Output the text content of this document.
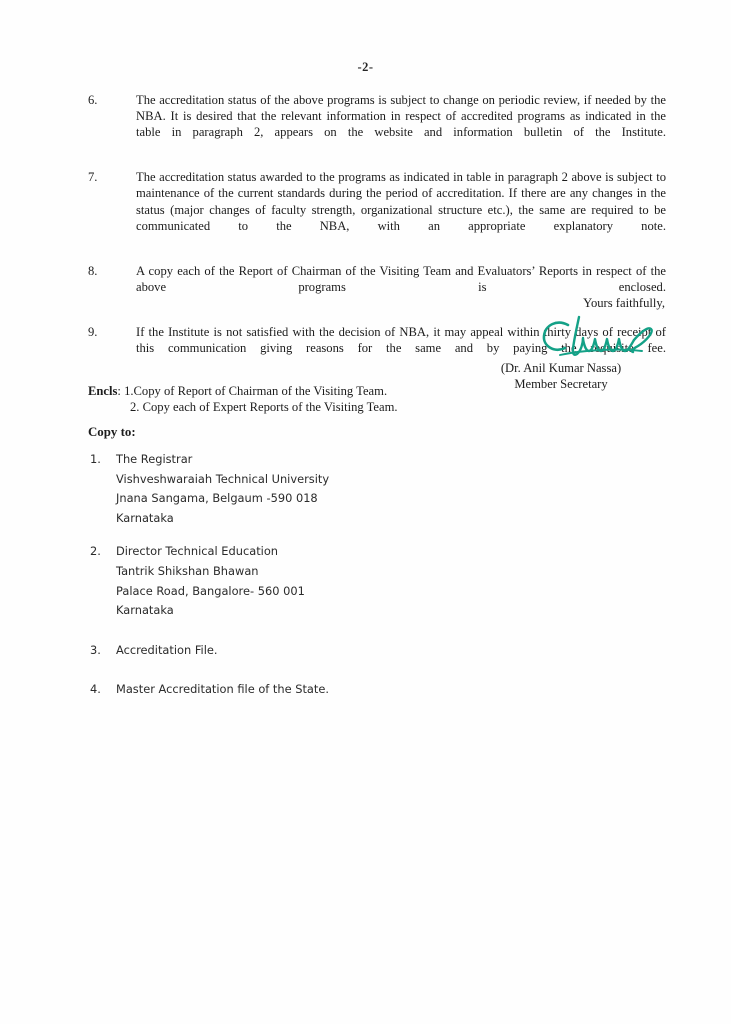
-2-
6.	The accreditation status of the above programs is subject to change on periodic review, if needed by the NBA. It is desired that the relevant information in respect of accredited programs as indicated in the table in paragraph 2, appears on the website and information bulletin of the Institute.
7.	The accreditation status awarded to the programs as indicated in table in paragraph 2 above is subject to maintenance of the current standards during the period of accreditation. If there are any changes in the status (major changes of faculty strength, organizational structure etc.), the same are required to be communicated to the NBA, with an appropriate explanatory note.
8.	A copy each of the Report of Chairman of the Visiting Team and Evaluators’ Reports in respect of the above programs is enclosed.
9.	If the Institute is not satisfied with the decision of NBA, it may appeal within thirty days of receipt of this communication giving reasons for the same and by paying the requisite fee.
Yours faithfully,
(Dr. Anil Kumar Nassa)
Member Secretary
Encls: 1.Copy of Report of Chairman of the Visiting Team.
2. Copy each of Expert Reports of the Visiting Team.
Copy to:
1.	The Registrar
Vishveshwaraiah Technical University
Jnana Sangama, Belgaum -590 018
Karnataka
2.	Director Technical Education
Tantrik Shikshan Bhawan
Palace Road, Bangalore- 560 001
Karnataka
3.	Accreditation File.
4.	Master Accreditation file of the State.
